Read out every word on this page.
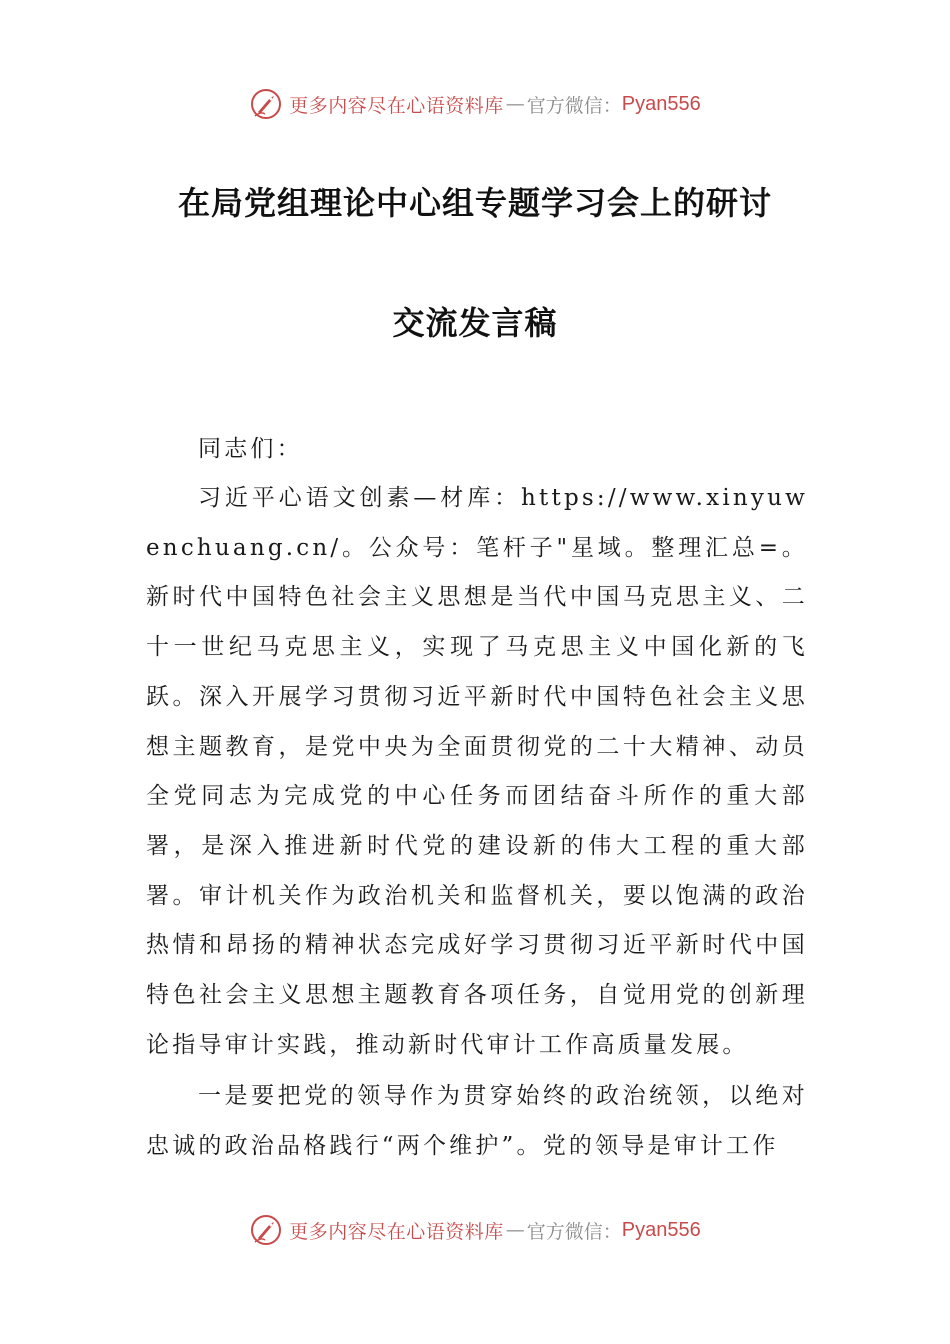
更多内容尽在心语资料库 — 官方微信： Pyan556
在局党组理论中心组专题学习会上的研讨
交流发言稿

同志们：

习近平心语文创素—材库：https://www.xinyuwenchuang.cn/。公众号：笔杆子"星域。整理汇总=。新时代中国特色社会主义思想是当代中国马克思主义、二十一世纪马克思主义，实现了马克思主义中国化新的飞跃。深入开展学习贯彻习近平新时代中国特色社会主义思想主题教育，是党中央为全面贯彻党的二十大精神、动员全党同志为完成党的中心任务而团结奋斗所作的重大部署，是深入推进新时代党的建设新的伟大工程的重大部署。审计机关作为政治机关和监督机关，要以饱满的政治热情和昂扬的精神状态完成好学习贯彻习近平新时代中国特色社会主义思想主题教育各项任务，自觉用党的创新理论指导审计实践，推动新时代审计工作高质量发展。

一是要把党的领导作为贯穿始终的政治统领，以绝对忠诚的政治品格践行“两个维护”。党的领导是审计工作

更多内容尽在心语资料库 — 官方微信： Pyan556
